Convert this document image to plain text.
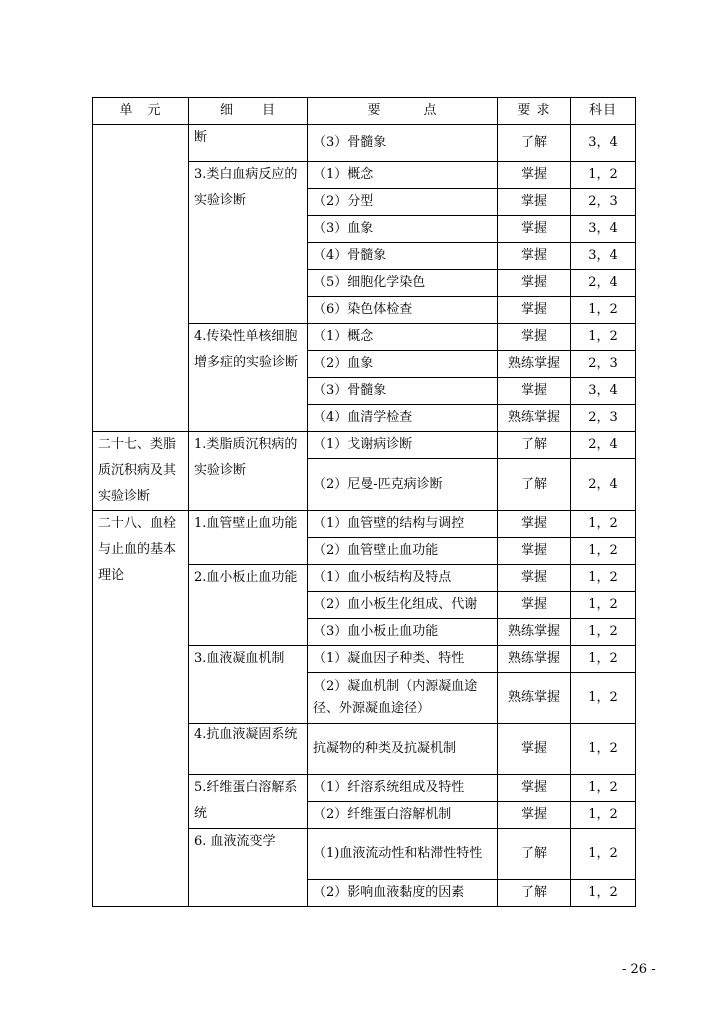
单　元	细　　目	要　　　点	要 求	科目
	断	（3）骨髓象	了解	3，4
	3.类白血病反应的实验诊断	（1）概念	掌握	1，2
		（2）分型	掌握	2，3
		（3）血象	掌握	3，4
		（4）骨髓象	掌握	3，4
		（5）细胞化学染色	掌握	2，4
		（6）染色体检查	掌握	1，2
	4.传染性单核细胞增多症的实验诊断	（1）概念	掌握	1，2
		（2）血象	熟练掌握	2，3
		（3）骨髓象	掌握	3，4
		（4）血清学检查	熟练掌握	2，3
二十七、类脂质沉积病及其实验诊断	1.类脂质沉积病的实验诊断	（1）戈谢病诊断	了解	2，4
		（2）尼曼-匹克病诊断	了解	2，4
二十八、血栓与止血的基本理论	1.血管壁止血功能	（1）血管壁的结构与调控	掌握	1，2
		（2）血管壁止血功能	掌握	1，2
	2.血小板止血功能	（1）血小板结构及特点	掌握	1，2
		（2）血小板生化组成、代谢	掌握	1，2
		（3）血小板止血功能	熟练掌握	1，2
	3.血液凝血机制	（1）凝血因子种类、特性	熟练掌握	1，2
		（2）凝血机制（内源凝血途径、外源凝血途径）	熟练掌握	1，2
	4.抗血液凝固系统	抗凝物的种类及抗凝机制	掌握	1，2
	5.纤维蛋白溶解系统	（1）纤溶系统组成及特性	掌握	1，2
		（2）纤维蛋白溶解机制	掌握	1，2
	6. 血液流变学	（1)血液流动性和粘滞性特性	了解	1，2
		（2）影响血液黏度的因素	了解	1，2
- 26 -
